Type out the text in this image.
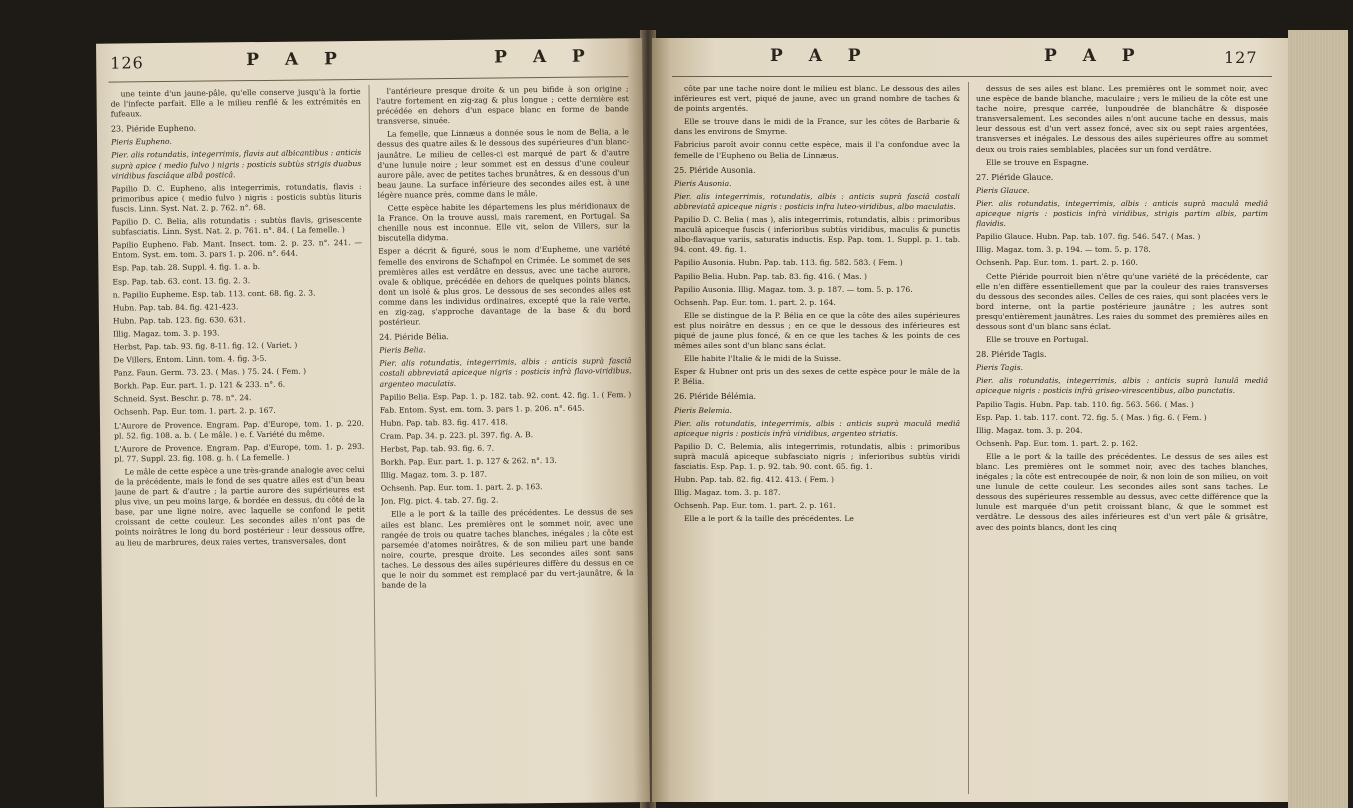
126	P A P	P A P

une teinte d'un jaune-pâle, qu'elle conserve jusqu'à la fortie de l'infecte parfait. Elle a le milieu renflé & les extrémités en fufeaux.

23. Piéride Eupheno.

Pieris Eupheno.

Pier. alis rotundatis, integerrimis, flavis aut albicantibus : anticis suprà apice ( medio fulvo ) nigris : posticis subtùs strigis duabus viridibus fasciâque albâ posticâ.

Papilio D. C. Eupheno, alis integerrimis, rotundatis, flavis : primoribus apice ( medio fulvo ) nigris : posticis subtùs lituris fuscis. Linn. Syst. Nat. 2. p. 762. n°. 68.

Papilio D. C. Belia, alis rotundatis : subtùs flavis, grisescente subfasciatis. Linn. Syst. Nat. 2. p. 761. n°. 84. ( La femelle. )

Papilio Eupheno. Fab. Mant. Insect. tom. 2. p. 23. n°. 241. — Entom. Syst. em. tom. 3. pars 1. p. 206. n°. 644.

Esp. Pap. tab. 28. Suppl. 4. fig. 1. a. b.

Esp. Pap. tab. 63. cont. 13. fig. 2. 3.

n. Papilio Eupheme. Esp. tab. 113. cont. 68. fig. 2. 3.

Hubn. Pap. tab. 84. fig. 421-423.

Hubn. Pap. tab. 123. fig. 630. 631.

Illig. Magaz. tom. 3. p. 193.

Herbst, Pap. tab. 93. fig. 8-11. fig. 12. ( Variet. )

De Villers, Entom. Linn. tom. 4. fig. 3-5.

Panz. Faun. Germ. 73. 23. ( Mas. ) 75. 24. ( Fem. )

Borkh. Pap. Eur. part. 1. p. 121 & 233. n°. 6.

Schneid. Syst. Beschr. p. 78. n°. 24.

Ochsenh. Pap. Eur. tom. 1. part. 2. p. 167.

L'Aurore de Provence. Engram. Pap. d'Europe, tom. 1. p. 220. pl. 52. fig. 108. a. b. ( Le mâle. ) e. f. Variété du même.

L'Aurore de Provence. Engram. Pap. d'Europe, tom. 1. p. 293. pl. 77. Suppl. 23. fig. 108. g. h. ( La femelle. )

Le mâle de cette espèce a une très-grande analogie avec celui de la précédente, mais le fond de ses quatre ailes est d'un beau jaune de part & d'autre ; la partie aurore des supérieures est plus vive, un peu moins large, & bordée en dessus, du côté de la base, par une ligne noire, avec laquelle se confond le petit croissant de cette couleur. Les secondes ailes n'ont pas de points noirâtres le long du bord postérieur : leur dessous offre, au lieu de marbrures, deux raies vertes, transversales, dont

l'antérieure presque droite & un peu bifide à son origine ; l'autre fortement en zig-zag & plus longue ; cette dernière est précédée en dehors d'un espace blanc en forme de bande transverse, sinuée.

La femelle, que Linnæus a donnée sous le nom de Belia, a le dessus des quatre ailes & le dessous des supérieures d'un blanc-jaunâtre. Le milieu de celles-ci est marqué de part & d'autre d'une lunule noire ; leur sommet est en dessus d'une couleur aurore pâle, avec de petites taches brunâtres, & en dessous d'un beau jaune. La surface inférieure des secondes ailes est, à une légère nuance près, comme dans le mâle.

Cette espèce habite les départemens les plus méridionaux de la France. On la trouve aussi, mais rarement, en Portugal. Sa chenille nous est inconnue. Elle vit, selon de Villers, sur la biscutella didyma.

Esper a décrit & figuré, sous le nom d'Eupheme, une variété femelle des environs de Schafnpol en Crimée. Le sommet de ses premières ailes est verdâtre en dessus, avec une tache aurore, ovale & oblique, précédée en dehors de quelques points blancs, dont un isolé & plus gros. Le dessous de ses secondes ailes est comme dans les individus ordinaires, excepté que la raie verte, en zig-zag, s'approche davantage de la base & du bord postérieur.

24. Piéride Bélia.

Pieris Belia.

Pier. alis rotundatis, integerrimis, albis : anticis suprà fasciâ costali abbreviatâ apiceque nigris : posticis infrà flavo-viridibus, argenteo maculatis.

Papilio Belia. Esp. Pap. 1. p. 182. tab. 92. cont. 42. fig. 1. ( Fem. )

Fab. Entom. Syst. em. tom. 3. pars 1. p. 206. n°. 645.

Hubn. Pap. tab. 83. fig. 417. 418.

Cram. Pap. 34. p. 223. pl. 397. fig. A. B.

Herbst, Pap. tab. 93. fig. 6. 7.

Borkh. Pap. Eur. part. 1. p. 127 & 262. n°. 13.

Illig. Magaz. tom. 3. p. 187.

Ochsenh. Pap. Eur. tom. 1. part. 2. p. 163.

Jon. Fig. pict. 4. tab. 27. fig. 2.

Elle a le port & la taille des précédentes. Le dessus de ses ailes est blanc. Les premières ont le sommet noir, avec une rangée de trois ou quatre taches blanches, inégales ; la côte est parsemée d'atomes noirâtres, & de son milieu part une bande noire, courte, presque droite. Les secondes ailes sont sans taches. Le dessous des ailes supérieures diffère du dessus en ce que le noir du sommet est remplacé par du vert-jaunâtre, & la bande de la

P A P	P A P	127

côte par une tache noire dont le milieu est blanc. Le dessous des ailes inférieures est vert, piqué de jaune, avec un grand nombre de taches & de points argentés.

Elle se trouve dans le midi de la France, sur les côtes de Barbarie & dans les environs de Smyrne.

Fabricius paroît avoir connu cette espèce, mais il l'a confondue avec la femelle de l'Eupheno ou Belia de Linnæus.

25. Piéride Ausonia.

Pieris Ausonia.

Pier. alis integerrimis, rotundatis, albis : anticis suprà fasciâ costali abbreviatâ apiceque nigris : posticis infra luteo-viridibus, albo maculatis.

Papilio D. C. Belia ( mas ), alis integerrimis, rotundatis, albis : primoribus maculâ apiceque fuscis ( inferioribus subtùs viridibus, maculis & punctis albo-flavaque variis, saturatis inductis. Esp. Pap. tom. 1. Suppl. p. 1. tab. 94. cont. 49. fig. 1.

Papilio Ausonia. Hubn. Pap. tab. 113. fig. 582. 583. ( Fem. )

Papilio Belia. Hubn. Pap. tab. 83. fig. 416. ( Mas. )

Papilio Ausonia. Illig. Magaz. tom. 3. p. 187. — tom. 5. p. 176.

Ochsenh. Pap. Eur. tom. 1. part. 2. p. 164.

Elle se distingue de la P. Bélia en ce que la côte des ailes supérieures est plus noirâtre en dessus ; en ce que le dessous des inférieures est piqué de jaune plus foncé, & en ce que les taches & les points de ces mêmes ailes sont d'un blanc sans éclat.

Elle habite l'Italie & le midi de la Suisse.

Esper & Hubner ont pris un des sexes de cette espèce pour le mâle de la P. Bélia.

26. Piéride Bélémia.

Pieris Belemia.

Pier. alis rotundatis, integerrimis, albis : anticis suprà maculâ mediâ apiceque nigris : posticis infrà viridibus, argenteo striatis.

Papilio D. C. Belemia, alis integerrimis, rotundatis, albis : primoribus suprà maculâ apiceque subfasciato nigris ; inferioribus subtùs viridi fasciatis. Esp. Pap. 1. p. 92. tab. 90. cont. 65. fig. 1.

Hubn. Pap. tab. 82. fig. 412. 413. ( Fem. )

Illig. Magaz. tom. 3. p. 187.

Ochsenh. Pap. Eur. tom. 1. part. 2. p. 161.

Elle a le port & la taille des précédentes. Le

dessus de ses ailes est blanc. Les premières ont le sommet noir, avec une espèce de bande blanche, maculaire ; vers le milieu de la côte est une tache noire, presque carrée, lunpoudrée de blanchâtre & disposée transversalement. Les secondes ailes n'ont aucune tache en dessus, mais leur dessous est d'un vert assez foncé, avec six ou sept raies argentées, transverses et inégales. Le dessous des ailes supérieures offre au sommet deux ou trois raies semblables, placées sur un fond verdâtre.

Elle se trouve en Espagne.

27. Piéride Glauce.

Pieris Glauce.

Pier. alis rotundatis, integerrimis, albis : anticis suprà maculâ mediâ apiceque nigris : posticis infrà viridibus, strigis partim albis, partim flavidis.

Papilio Glauce. Hubn. Pap. tab. 107. fig. 546. 547. ( Mas. )

Illig. Magaz. tom. 3. p. 194. — tom. 5. p. 178.

Ochsenh. Pap. Eur. tom. 1. part. 2. p. 160.

Cette Piéride pourroit bien n'être qu'une variété de la précédente, car elle n'en diffère essentiellement que par la couleur des raies transverses du dessous des secondes ailes. Celles de ces raies, qui sont placées vers le bord interne, ont la partie postérieure jaunâtre ; les autres sont presqu'entièrement jaunâtres. Les raies du sommet des premières ailes en dessous sont d'un blanc sans éclat.

Elle se trouve en Portugal.

28. Piéride Tagis.

Pieris Tagis.

Pier. alis rotundatis, integerrimis, albis : anticis suprà lunulâ mediâ apiceque nigris : posticis infrà griseo-virescentibus, albo punctatis.

Papilio Tagis. Hubn. Pap. tab. 110. fig. 563. 566. ( Mas. )

Esp. Pap. 1. tab. 117. cont. 72. fig. 5. ( Mas. ) fig. 6. ( Fem. )

Illig. Magaz. tom. 3. p. 204.

Ochsenh. Pap. Eur. tom. 1. part. 2. p. 162.

Elle a le port & la taille des précédentes. Le dessus de ses ailes est blanc. Les premières ont le sommet noir, avec des taches blanches, inégales ; la côte est entrecoupée de noir, & non loin de son milieu, on voit une lunule de cette couleur. Les secondes ailes sont sans taches. Le dessous des supérieures ressemble au dessus, avec cette différence que la lunule est marquée d'un petit croissant blanc, & que le sommet est verdâtre. Le dessous des ailes inférieures est d'un vert pâle & grisâtre, avec des points blancs, dont les cinq
